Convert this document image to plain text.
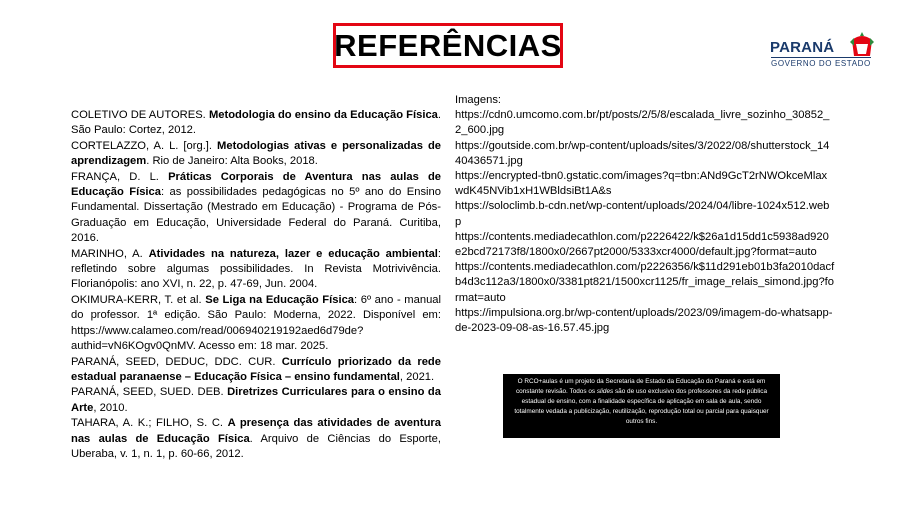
REFERÊNCIAS	PARANÁ
GOVERNO DO ESTADO

COLETIVO DE AUTORES. Metodologia do ensino da Educação Física. São Paulo: Cortez, 2012.

CORTELAZZO, A. L. [org.]. Metodologias ativas e personalizadas de aprendizagem. Rio de Janeiro: Alta Books, 2018.

FRANÇA, D. L. Práticas Corporais de Aventura nas aulas de Educação Física: as possibilidades pedagógicas no 5º ano do Ensino Fundamental. Dissertação (Mestrado em Educação) - Programa de Pós-Graduação em Educação, Universidade Federal do Paraná. Curitiba, 2016.

MARINHO, A. Atividades na natureza, lazer e educação ambiental: refletindo sobre algumas possibilidades. In Revista Motrivivência. Florianópolis: ano XVI, n. 22, p. 47-69, Jun. 2004.

OKIMURA-KERR, T. et al. Se Liga na Educação Física: 6º ano - manual do professor. 1ª edição. São Paulo: Moderna, 2022. Disponível em: https://www.calameo.com/read/006940219192aed6d79de?authid=vN6KOgv0QnMV. Acesso em: 18 mar. 2025.

PARANÁ, SEED, DEDUC, DDC. CUR. Currículo priorizado da rede estadual paranaense – Educação Física – ensino fundamental, 2021.

PARANÁ, SEED, SUED. DEB. Diretrizes Curriculares para o ensino da Arte, 2010.

TAHARA, A. K.; FILHO, S. C. A presença das atividades de aventura nas aulas de Educação Física. Arquivo de Ciências do Esporte, Uberaba, v. 1, n. 1, p. 60-66, 2012.

Imagens:

https://cdn0.umcomo.com.br/pt/posts/2/5/8/escalada_livre_sozinho_30852_2_600.jpg

https://goutside.com.br/wp-content/uploads/sites/3/2022/08/shutterstock_1440436571.jpg

https://encrypted-tbn0.gstatic.com/images?q=tbn:ANd9GcT2rNWOkceMlaxwdK45NVib1xH1WBldsiBt1A&s

https://soloclimb.b-cdn.net/wp-content/uploads/2024/04/libre-1024x512.webp

https://contents.mediadecathlon.com/p2226422/k$26a1d15dd1c5938ad920e2bcd72173f8/1800x0/2667pt2000/5333xcr4000/default.jpg?format=auto

https://contents.mediadecathlon.com/p2226356/k$11d291eb01b3fa2010dacfb4d3c112a3/1800x0/3381pt821/1500xcr1125/fr_image_relais_simond.jpg?format=auto

https://impulsiona.org.br/wp-content/uploads/2023/09/imagem-do-whatsapp-de-2023-09-08-as-16.57.45.jpg

O RCO+aulas é um projeto da Secretaria de Estado da Educação do Paraná e está em constante revisão. Todos os slides são de uso exclusivo dos professores da rede pública estadual de ensino, com a finalidade específica de aplicação em sala de aula, sendo totalmente vedada a publicização, reutilização, reprodução total ou parcial para quaisquer outros fins.
